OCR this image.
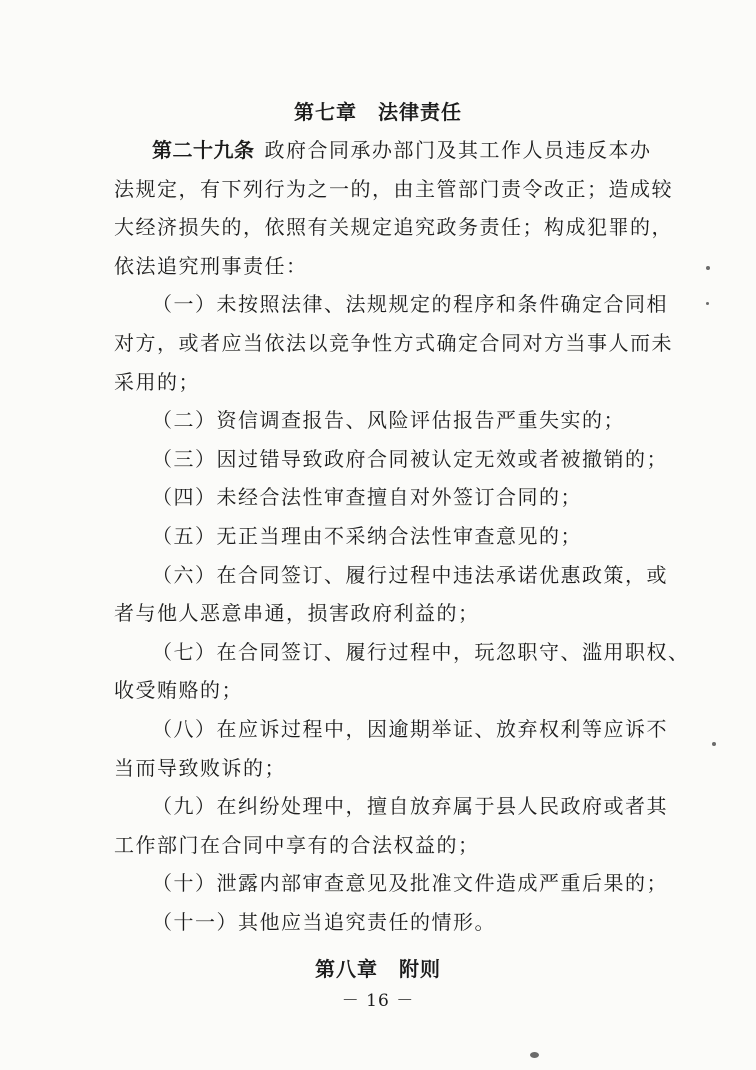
第七章　法律责任
第二十九条 政府合同承办部门及其工作人员违反本办
法规定，有下列行为之一的，由主管部门责令改正；造成较
大经济损失的，依照有关规定追究政务责任；构成犯罪的，
依法追究刑事责任：
（一）未按照法律、法规规定的程序和条件确定合同相
对方，或者应当依法以竞争性方式确定合同对方当事人而未
采用的；
（二）资信调查报告、风险评估报告严重失实的；
（三）因过错导致政府合同被认定无效或者被撤销的；
（四）未经合法性审查擅自对外签订合同的；
（五）无正当理由不采纳合法性审查意见的；
（六）在合同签订、履行过程中违法承诺优惠政策，或
者与他人恶意串通，损害政府利益的；
（七）在合同签订、履行过程中，玩忽职守、滥用职权、
收受贿赂的；
（八）在应诉过程中，因逾期举证、放弃权利等应诉不
当而导致败诉的；
（九）在纠纷处理中，擅自放弃属于县人民政府或者其
工作部门在合同中享有的合法权益的；
（十）泄露内部审查意见及批准文件造成严重后果的；
（十一）其他应当追究责任的情形。
第八章　附则
－ 16 －
